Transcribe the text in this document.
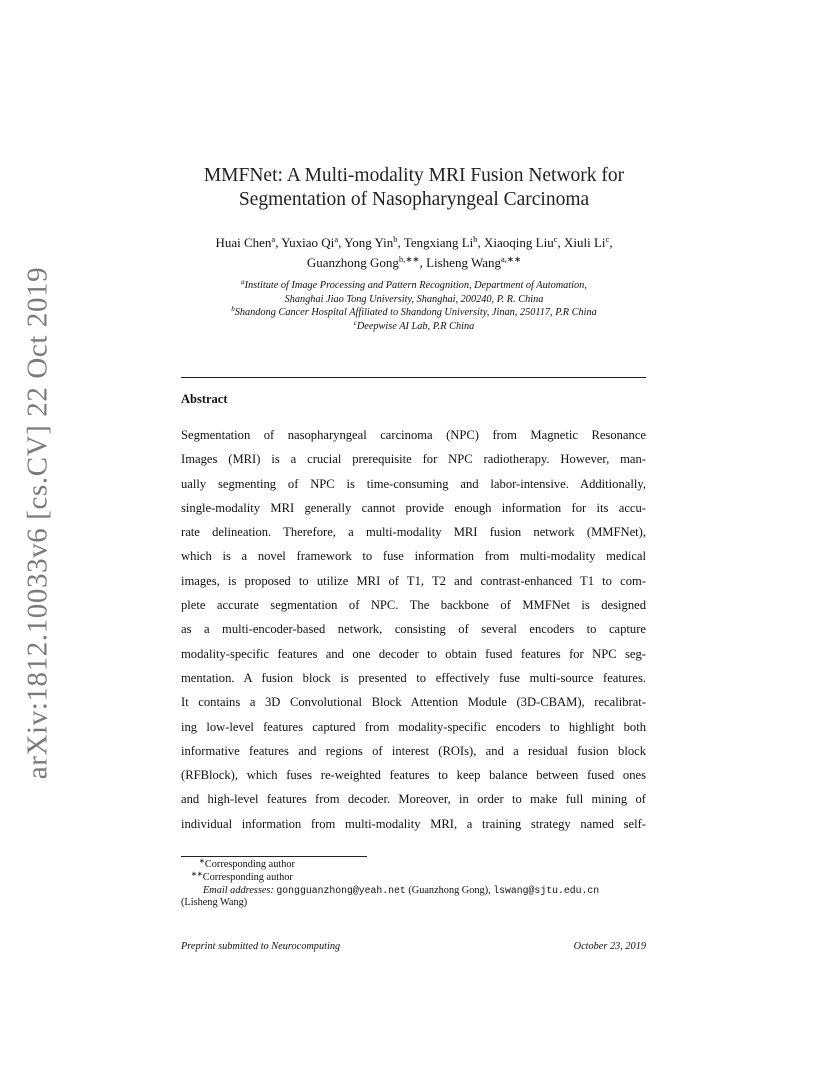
arXiv:1812.10033v6 [cs.CV] 22 Oct 2019
MMFNet: A Multi-modality MRI Fusion Network for
Segmentation of Nasopharyngeal Carcinoma
Huai Chen$^a$, Yuxiao Qi$^a$, Yong Yin$^b$, Tengxiang Li$^b$, Xiaoqing Liu$^c$, Xiuli Li$^c$,
Guanzhong Gong$^{b,∗∗}$, Lisheng Wang$^{a,∗∗}$
$^a$Institute of Image Processing and Pattern Recognition, Department of Automation,
Shanghai Jiao Tong University, Shanghai, 200240, P. R. China
$^b$Shandong Cancer Hospital Affiliated to Shandong University, Jinan, 250117, P.R China
$^c$Deepwise AI Lab, P.R China
Abstract
Segmentation of nasopharyngeal carcinoma (NPC) from Magnetic Resonance
Images (MRI) is a crucial prerequisite for NPC radiotherapy. However, man-
ually segmenting of NPC is time-consuming and labor-intensive. Additionally,
single-modality MRI generally cannot provide enough information for its accu-
rate delineation. Therefore, a multi-modality MRI fusion network (MMFNet),
which is a novel framework to fuse information from multi-modality medical
images, is proposed to utilize MRI of T1, T2 and contrast-enhanced T1 to com-
plete accurate segmentation of NPC. The backbone of MMFNet is designed
as a multi-encoder-based network, consisting of several encoders to capture
modality-specific features and one decoder to obtain fused features for NPC seg-
mentation. A fusion block is presented to effectively fuse multi-source features.
It contains a 3D Convolutional Block Attention Module (3D-CBAM), recalibrat-
ing low-level features captured from modality-specific encoders to highlight both
informative features and regions of interest (ROIs), and a residual fusion block
(RFBlock), which fuses re-weighted features to keep balance between fused ones
and high-level features from decoder. Moreover, in order to make full mining of
individual information from multi-modality MRI, a training strategy named self-
∗Corresponding author
∗∗Corresponding author
Email addresses: gongguanzhong@yeah.net (Guanzhong Gong), lswang@sjtu.edu.cn
(Lisheng Wang)
Preprint submitted to Neurocomputing	October 23, 2019
